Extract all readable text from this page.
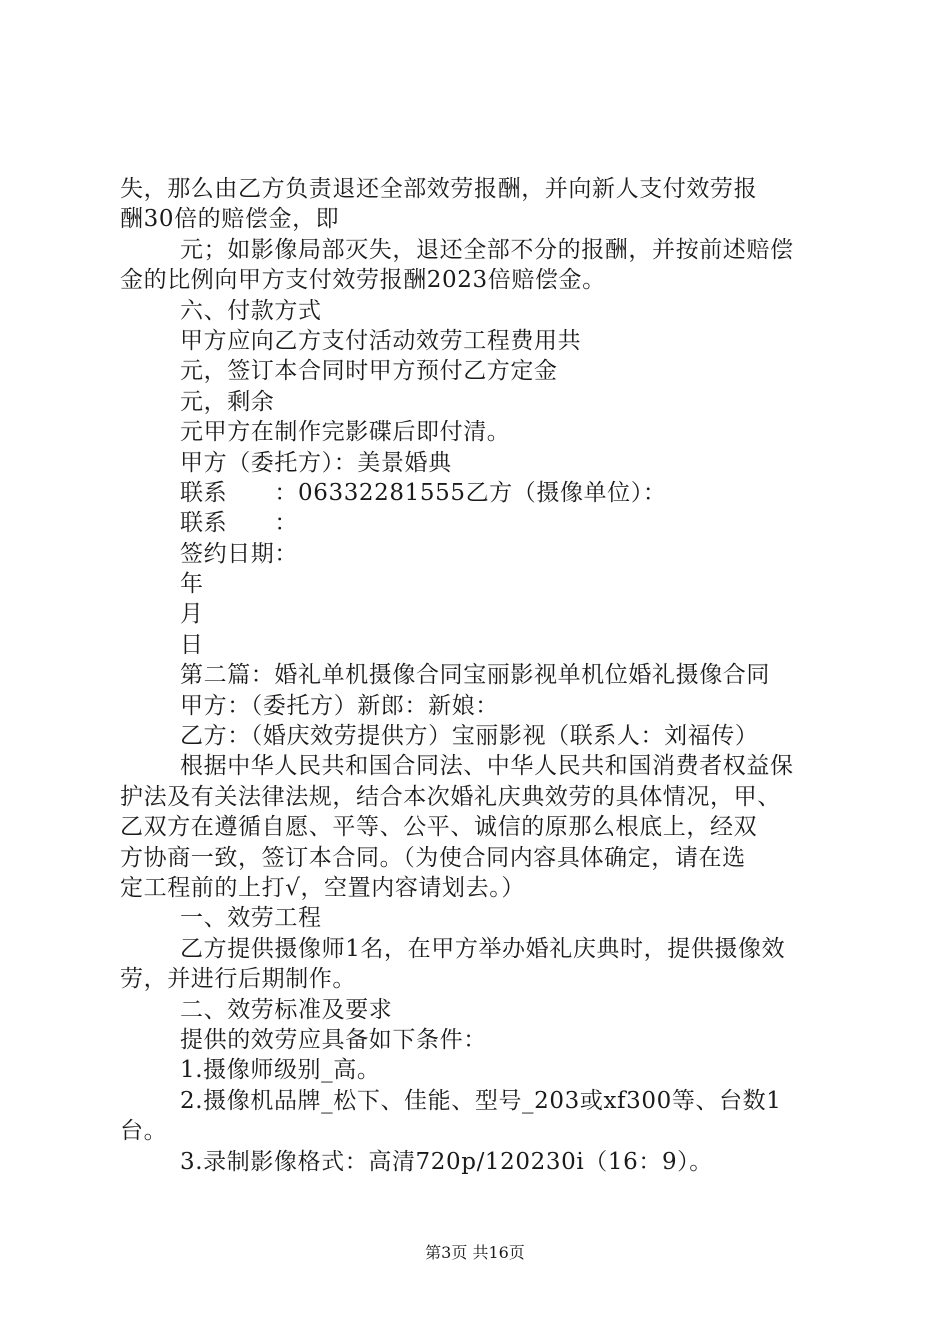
失，那么由乙方负责退还全部效劳报酬，并向新人支付效劳报
酬30倍的赔偿金，即
元；如影像局部灭失，退还全部不分的报酬，并按前述赔偿
金的比例向甲方支付效劳报酬2023倍赔偿金。
六、付款方式
甲方应向乙方支付活动效劳工程费用共
元，签订本合同时甲方预付乙方定金
元，剩余
元甲方在制作完影碟后即付清。
甲方（委托方）：美景婚典
联系　　：06332281555乙方（摄像单位）：
联系　　：
签约日期：
年
月
日
第二篇：婚礼单机摄像合同宝丽影视单机位婚礼摄像合同
甲方：（委托方）新郎：新娘：
乙方：（婚庆效劳提供方）宝丽影视（联系人：刘福传）
根据中华人民共和国合同法、中华人民共和国消费者权益保
护法及有关法律法规，结合本次婚礼庆典效劳的具体情况，甲、
乙双方在遵循自愿、平等、公平、诚信的原那么根底上，经双
方协商一致，签订本合同。（为使合同内容具体确定，请在选
定工程前的上打√，空置内容请划去。）
一、效劳工程
乙方提供摄像师1名，在甲方举办婚礼庆典时，提供摄像效
劳，并进行后期制作。
二、效劳标准及要求
提供的效劳应具备如下条件：
1.摄像师级别_高。
2.摄像机品牌_松下、佳能、型号_203或xf300等、台数1
台。
3.录制影像格式：高清720p/120230i（16：9）。
第3页 共16页
